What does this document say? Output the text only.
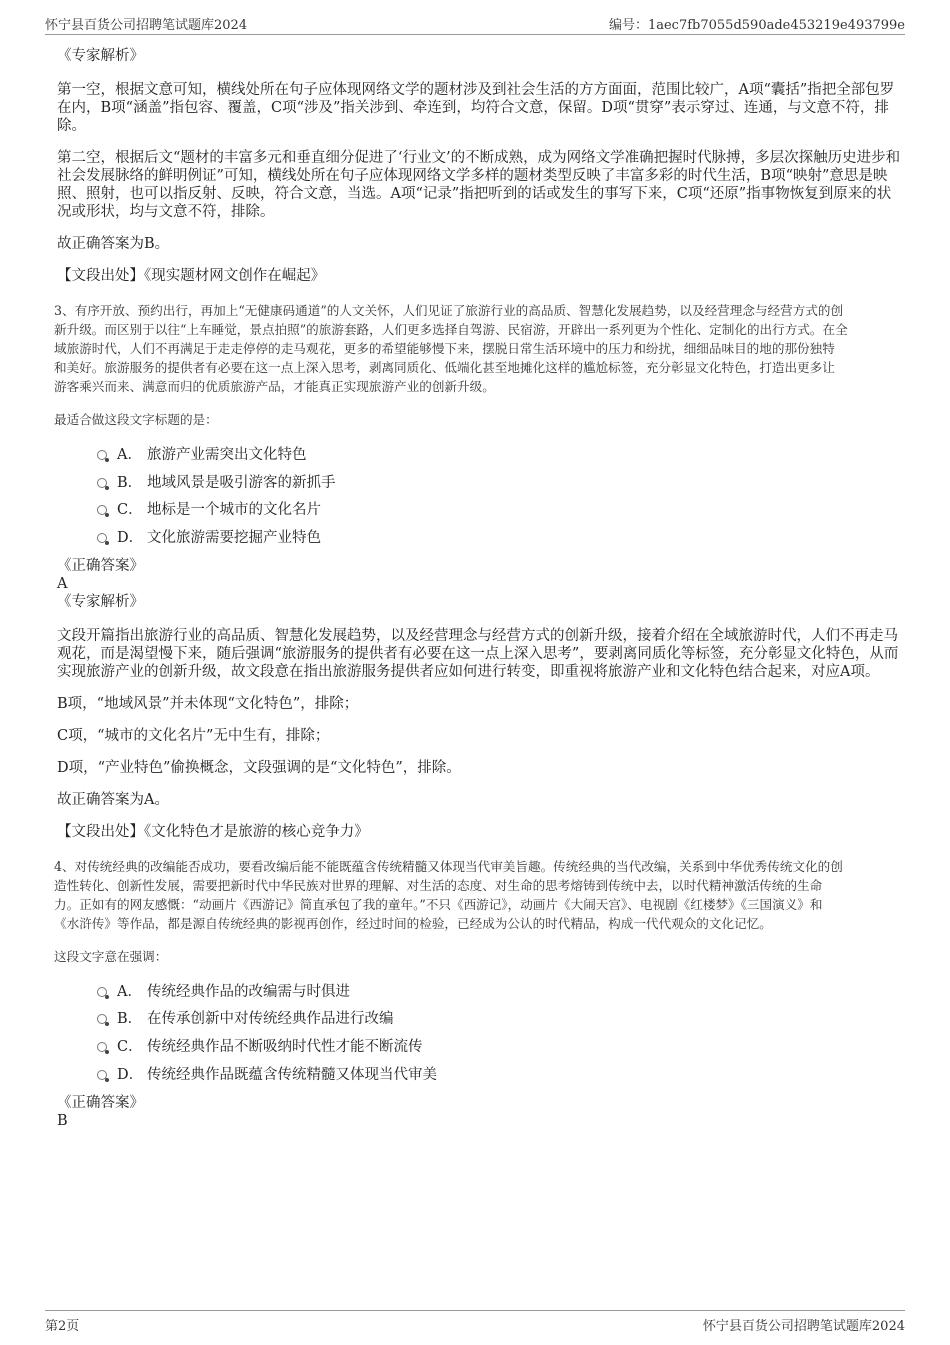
怀宁县百货公司招聘笔试题库2024	编号：1aec7fb7055d590ade453219e493799e

《专家解析》

第一空，根据文意可知，横线处所在句子应体现网络文学的题材涉及到社会生活的方方面面，范围比较广，A项“囊括”指把全部包罗在内，B项“涵盖”指包容、覆盖，C项“涉及”指关涉到、牵连到，均符合文意，保留。D项“贯穿”表示穿过、连通，与文意不符，排除。

第二空，根据后文“题材的丰富多元和垂直细分促进了‘行业文’的不断成熟，成为网络文学准确把握时代脉搏，多层次探触历史进步和社会发展脉络的鲜明例证”可知，横线处所在句子应体现网络文学多样的题材类型反映了丰富多彩的时代生活，B项“映射”意思是映照、照射，也可以指反射、反映，符合文意，当选。A项“记录”指把听到的话或发生的事写下来，C项“还原”指事物恢复到原来的状况或形状，均与文意不符，排除。

故正确答案为B。

【文段出处】《现实题材网文创作在崛起》

3、有序开放、预约出行，再加上“无健康码通道”的人文关怀，人们见证了旅游行业的高品质、智慧化发展趋势，以及经营理念与经营方式的创

新升级。而区别于以往“上车睡觉，景点拍照”的旅游套路，人们更多选择自驾游、民宿游，开辟出一系列更为个性化、定制化的出行方式。在全

域旅游时代，人们不再满足于走走停停的走马观花，更多的希望能够慢下来，摆脱日常生活环境中的压力和纷扰，细细品味目的地的那份独特

和美好。旅游服务的提供者有必要在这一点上深入思考，剥离同质化、低端化甚至地摊化这样的尴尬标签，充分彰显文化特色，打造出更多让

游客乘兴而来、满意而归的优质旅游产品，才能真正实现旅游产业的创新升级。

最适合做这段文字标题的是：

A． 旅游产业需突出文化特色
B． 地域风景是吸引游客的新抓手
C． 地标是一个城市的文化名片
D． 文化旅游需要挖掘产业特色

《正确答案》

A

《专家解析》

文段开篇指出旅游行业的高品质、智慧化发展趋势，以及经营理念与经营方式的创新升级，接着介绍在全域旅游时代，人们不再走马观花，而是渴望慢下来，随后强调“旅游服务的提供者有必要在这一点上深入思考”，要剥离同质化等标签，充分彰显文化特色，从而实现旅游产业的创新升级，故文段意在指出旅游服务提供者应如何进行转变，即重视将旅游产业和文化特色结合起来，对应A项。

B项，“地域风景”并未体现“文化特色”，排除；

C项，“城市的文化名片”无中生有，排除；

D项，“产业特色”偷换概念，文段强调的是“文化特色”，排除。

故正确答案为A。

【文段出处】《文化特色才是旅游的核心竞争力》

4、对传统经典的改编能否成功，要看改编后能不能既蕴含传统精髓又体现当代审美旨趣。传统经典的当代改编，关系到中华优秀传统文化的创

造性转化、创新性发展，需要把新时代中华民族对世界的理解、对生活的态度、对生命的思考熔铸到传统中去，以时代精神激活传统的生命

力。正如有的网友感慨：“动画片《西游记》简直承包了我的童年。”不只《西游记》，动画片《大闹天宫》、电视剧《红楼梦》《三国演义》和

《水浒传》等作品，都是源自传统经典的影视再创作，经过时间的检验，已经成为公认的时代精品，构成一代代观众的文化记忆。

这段文字意在强调：

A． 传统经典作品的改编需与时俱进
B． 在传承创新中对传统经典作品进行改编
C． 传统经典作品不断吸纳时代性才能不断流传
D． 传统经典作品既蕴含传统精髓又体现当代审美

《正确答案》

B

第2页	怀宁县百货公司招聘笔试题库2024
